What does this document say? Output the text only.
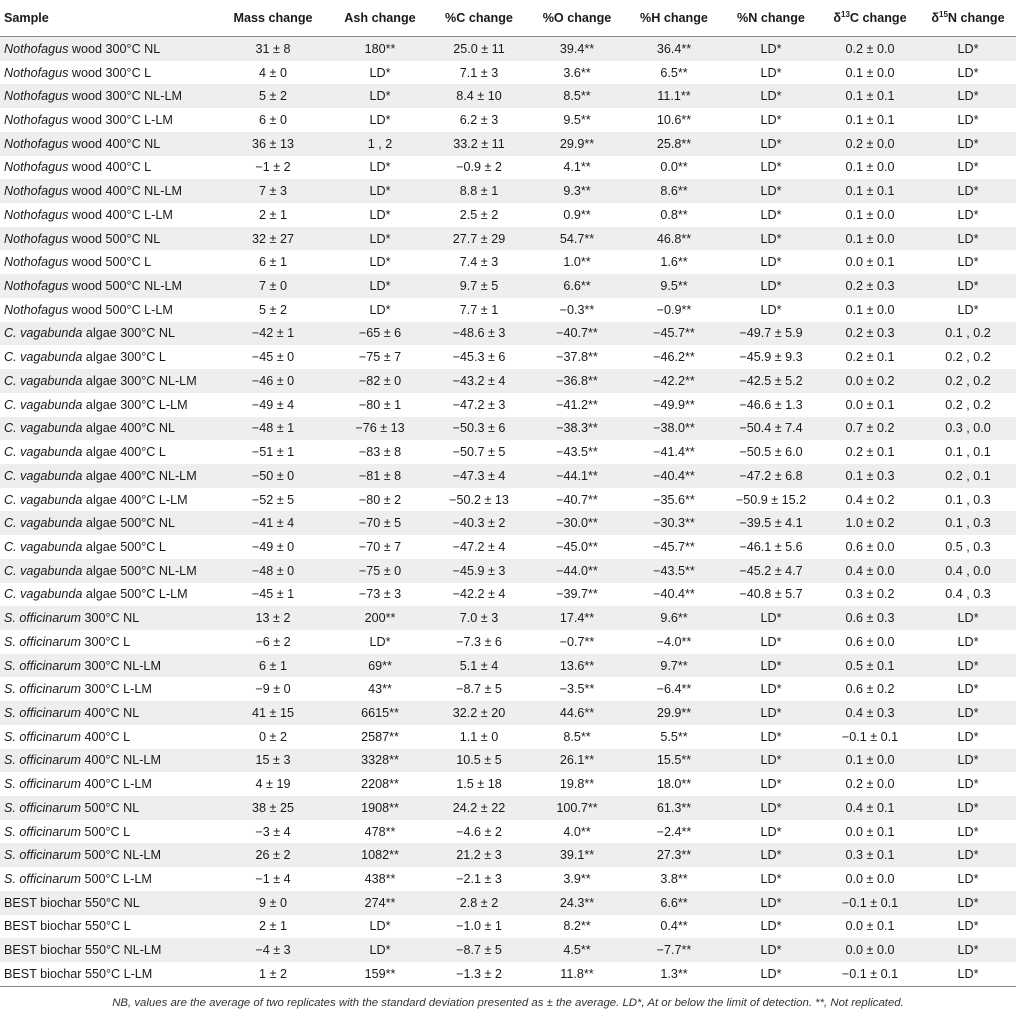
Sample	Mass change	Ash change	%C change	%O change	%H change	%N change	$\delta^{13}C$ change	$\delta^{15}N$ change
Nothofagus wood 300°C NL	31 ± 8	180**	25.0 ± 11	39.4**	36.4**	LD*	0.2 ± 0.0	LD*
Nothofagus wood 300°C L	4 ± 0	LD*	7.1 ± 3	3.6**	6.5**	LD*	0.1 ± 0.0	LD*
Nothofagus wood 300°C NL-LM	5 ± 2	LD*	8.4 ± 10	8.5**	11.1**	LD*	0.1 ± 0.1	LD*
Nothofagus wood 300°C L-LM	6 ± 0	LD*	6.2 ± 3	9.5**	10.6**	LD*	0.1 ± 0.1	LD*
Nothofagus wood 400°C NL	36 ± 13	1 , 2	33.2 ± 11	29.9**	25.8**	LD*	0.2 ± 0.0	LD*
Nothofagus wood 400°C L	−1 ± 2	LD*	−0.9 ± 2	4.1**	0.0**	LD*	0.1 ± 0.0	LD*
Nothofagus wood 400°C NL-LM	7 ± 3	LD*	8.8 ± 1	9.3**	8.6**	LD*	0.1 ± 0.1	LD*
Nothofagus wood 400°C L-LM	2 ± 1	LD*	2.5 ± 2	0.9**	0.8**	LD*	0.1 ± 0.0	LD*
Nothofagus wood 500°C NL	32 ± 27	LD*	27.7 ± 29	54.7**	46.8**	LD*	0.1 ± 0.0	LD*
Nothofagus wood 500°C L	6 ± 1	LD*	7.4 ± 3	1.0**	1.6**	LD*	0.0 ± 0.1	LD*
Nothofagus wood 500°C NL-LM	7 ± 0	LD*	9.7 ± 5	6.6**	9.5**	LD*	0.2 ± 0.3	LD*
Nothofagus wood 500°C L-LM	5 ± 2	LD*	7.7 ± 1	−0.3**	−0.9**	LD*	0.1 ± 0.0	LD*
C. vagabunda algae 300°C NL	−42 ± 1	−65 ± 6	−48.6 ± 3	−40.7**	−45.7**	−49.7 ± 5.9	0.2 ± 0.3	0.1 , 0.2
C. vagabunda algae 300°C L	−45 ± 0	−75 ± 7	−45.3 ± 6	−37.8**	−46.2**	−45.9 ± 9.3	0.2 ± 0.1	0.2 , 0.2
C. vagabunda algae 300°C NL-LM	−46 ± 0	−82 ± 0	−43.2 ± 4	−36.8**	−42.2**	−42.5 ± 5.2	0.0 ± 0.2	0.2 , 0.2
C. vagabunda algae 300°C L-LM	−49 ± 4	−80 ± 1	−47.2 ± 3	−41.2**	−49.9**	−46.6 ± 1.3	0.0 ± 0.1	0.2 , 0.2
C. vagabunda algae 400°C NL	−48 ± 1	−76 ± 13	−50.3 ± 6	−38.3**	−38.0**	−50.4 ± 7.4	0.7 ± 0.2	0.3 , 0.0
C. vagabunda algae 400°C L	−51 ± 1	−83 ± 8	−50.7 ± 5	−43.5**	−41.4**	−50.5 ± 6.0	0.2 ± 0.1	0.1 , 0.1
C. vagabunda algae 400°C NL-LM	−50 ± 0	−81 ± 8	−47.3 ± 4	−44.1**	−40.4**	−47.2 ± 6.8	0.1 ± 0.3	0.2 , 0.1
C. vagabunda algae 400°C L-LM	−52 ± 5	−80 ± 2	−50.2 ± 13	−40.7**	−35.6**	−50.9 ± 15.2	0.4 ± 0.2	0.1 , 0.3
C. vagabunda algae 500°C NL	−41 ± 4	−70 ± 5	−40.3 ± 2	−30.0**	−30.3**	−39.5 ± 4.1	1.0 ± 0.2	0.1 , 0.3
C. vagabunda algae 500°C L	−49 ± 0	−70 ± 7	−47.2 ± 4	−45.0**	−45.7**	−46.1 ± 5.6	0.6 ± 0.0	0.5 , 0.3
C. vagabunda algae 500°C NL-LM	−48 ± 0	−75 ± 0	−45.9 ± 3	−44.0**	−43.5**	−45.2 ± 4.7	0.4 ± 0.0	0.4 , 0.0
C. vagabunda algae 500°C L-LM	−45 ± 1	−73 ± 3	−42.2 ± 4	−39.7**	−40.4**	−40.8 ± 5.7	0.3 ± 0.2	0.4 , 0.3
S. officinarum 300°C NL	13 ± 2	200**	7.0 ± 3	17.4**	9.6**	LD*	0.6 ± 0.3	LD*
S. officinarum 300°C L	−6 ± 2	LD*	−7.3 ± 6	−0.7**	−4.0**	LD*	0.6 ± 0.0	LD*
S. officinarum 300°C NL-LM	6 ± 1	69**	5.1 ± 4	13.6**	9.7**	LD*	0.5 ± 0.1	LD*
S. officinarum 300°C L-LM	−9 ± 0	43**	−8.7 ± 5	−3.5**	−6.4**	LD*	0.6 ± 0.2	LD*
S. officinarum 400°C NL	41 ± 15	6615**	32.2 ± 20	44.6**	29.9**	LD*	0.4 ± 0.3	LD*
S. officinarum 400°C L	0 ± 2	2587**	1.1 ± 0	8.5**	5.5**	LD*	−0.1 ± 0.1	LD*
S. officinarum 400°C NL-LM	15 ± 3	3328**	10.5 ± 5	26.1**	15.5**	LD*	0.1 ± 0.0	LD*
S. officinarum 400°C L-LM	4 ± 19	2208**	1.5 ± 18	19.8**	18.0**	LD*	0.2 ± 0.0	LD*
S. officinarum 500°C NL	38 ± 25	1908**	24.2 ± 22	100.7**	61.3**	LD*	0.4 ± 0.1	LD*
S. officinarum 500°C L	−3 ± 4	478**	−4.6 ± 2	4.0**	−2.4**	LD*	0.0 ± 0.1	LD*
S. officinarum 500°C NL-LM	26 ± 2	1082**	21.2 ± 3	39.1**	27.3**	LD*	0.3 ± 0.1	LD*
S. officinarum 500°C L-LM	−1 ± 4	438**	−2.1 ± 3	3.9**	3.8**	LD*	0.0 ± 0.0	LD*
BEST biochar 550°C NL	9 ± 0	274**	2.8 ± 2	24.3**	6.6**	LD*	−0.1 ± 0.1	LD*
BEST biochar 550°C L	2 ± 1	LD*	−1.0 ± 1	8.2**	0.4**	LD*	0.0 ± 0.1	LD*
BEST biochar 550°C NL-LM	−4 ± 3	LD*	−8.7 ± 5	4.5**	−7.7**	LD*	0.0 ± 0.0	LD*
BEST biochar 550°C L-LM	1 ± 2	159**	−1.3 ± 2	11.8**	1.3**	LD*	−0.1 ± 0.1	LD*
NB, values are the average of two replicates with the standard deviation presented as ± the average. LD*, At or below the limit of detection. **, Not replicated.
